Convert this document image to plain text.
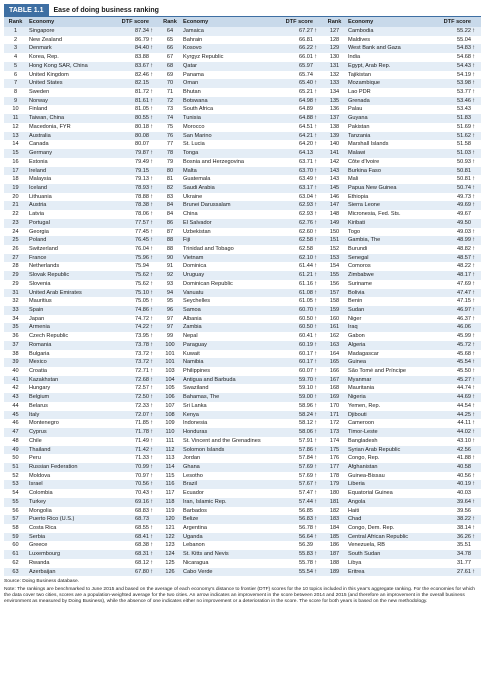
TABLE 1.1	Ease of doing business ranking
Rank	Economy	DTF score		Rank	Economy	DTF score		Rank	Economy	DTF score	
1	Singapore	87.34	↑	64	Jamaica	67.27	↑	127	Cambodia	55.22	↑
2	New Zealand	86.79	↑	65	Bahrain	66.81		128	Maldives	55.04	
3	Denmark	84.40	↑	66	Kosovo	66.22	↑	129	West Bank and Gaza	54.83	↑
4	Korea, Rep.	83.88		67	Kyrgyz Republic	66.01	↑	130	India	54.68	↑
5	Hong Kong SAR, China	83.67	↑	68	Qatar	65.97		131	Egypt, Arab Rep.	54.43	↑
6	United Kingdom	82.46	↑	69	Panama	65.74		132	Tajikistan	54.19	↑
7	United States	82.15		70	Oman	65.40	↑	133	Mozambique	53.98	↑
8	Sweden	81.72	↑	71	Bhutan	65.21	↑	134	Lao PDR	53.77	↑
9	Norway	81.61	↑	72	Botswana	64.98	↑	135	Grenada	53.46	↑
10	Finland	81.05	↑	73	South Africa	64.89		136	Palau	53.43	
11	Taiwan, China	80.55	↑	74	Tunisia	64.88	↑	137	Guyana	51.83	
12	Macedonia, FYR	80.18	↑	75	Morocco	64.51	↑	138	Pakistan	51.69	↑
13	Australia	80.08		76	San Marino	64.21	↑	139	Tanzania	51.62	↑
14	Canada	80.07		77	St. Lucia	64.20	↑	140	Marshall Islands	51.58	
15	Germany	79.87	↑	78	Tonga	64.13		141	Malawi	51.03	↑
16	Estonia	79.49	↑	79	Bosnia and Herzegovina	63.71	↑	142	Côte d'Ivoire	50.93	↑
17	Ireland	79.15		80	Malta	63.70	↑	143	Burkina Faso	50.81	
18	Malaysia	79.13	↑	81	Guatemala	63.49	↑	143	Mali	50.81	↑
19	Iceland	78.93	↑	82	Saudi Arabia	63.17	↑	145	Papua New Guinea	50.74	↑
20	Lithuania	78.88	↑	83	Ukraine	63.04	↑	146	Ethiopia	49.73	↑
21	Austria	78.38	↑	84	Brunei Darussalam	62.93	↑	147	Sierra Leone	49.69	↑
22	Latvia	78.06	↑	84	China	62.93	↑	148	Micronesia, Fed. Sts.	49.67	
23	Portugal	77.57	↑	86	El Salvador	62.76	↑	149	Kiribati	49.50	
24	Georgia	77.45	↑	87	Uzbekistan	62.60	↑	150	Togo	49.03	↑
25	Poland	76.45	↑	88	Fiji	62.58	↑	151	Gambia, The	48.99	↑
26	Switzerland	76.04	↑	88	Trinidad and Tobago	62.58		152	Burundi	48.82	↑
27	France	75.96	↑	90	Vietnam	62.10	↑	153	Senegal	48.57	↑
28	Netherlands	75.94		91	Dominica	61.44	↑	154	Comoros	48.22	↑
29	Slovak Republic	75.62	↑	92	Uruguay	61.21	↑	155	Zimbabwe	48.17	↑
29	Slovenia	75.62	↑	93	Dominican Republic	61.16	↑	156	Suriname	47.69	↑
31	United Arab Emirates	75.10	↑	94	Vanuatu	61.08	↑	157	Bolivia	47.47	↑
32	Mauritius	75.05	↑	95	Seychelles	61.05	↑	158	Benin	47.15	↑
33	Spain	74.86	↑	96	Samoa	60.70	↑	159	Sudan	46.97	↑
34	Japan	74.72	↑	97	Albania	60.50	↑	160	Niger	46.37	↑
35	Armenia	74.22	↑	97	Zambia	60.50	↑	161	Iraq	46.06	
36	Czech Republic	73.95	↑	99	Nepal	60.41	↑	162	Gabon	45.99	↑
37	Romania	73.78	↑	100	Paraguay	60.19	↑	163	Algeria	45.72	↑
38	Bulgaria	73.72	↑	101	Kuwait	60.17	↑	164	Madagascar	45.68	↑
39	Mexico	73.72	↑	101	Namibia	60.17	↑	165	Guinea	45.54	↑
40	Croatia	72.71	↑	103	Philippines	60.07	↑	166	São Tomé and Príncipe	45.50	↑
41	Kazakhstan	72.68	↑	104	Antigua and Barbuda	59.70	↑	167	Myanmar	45.27	↑
42	Hungary	72.57	↑	105	Swaziland	59.10	↑	168	Mauritania	44.74	↑
43	Belgium	72.50	↑	106	Bahamas, The	59.00	↑	169	Nigeria	44.69	↑
44	Belarus	72.33	↑	107	Sri Lanka	58.96	↑	170	Yemen, Rep.	44.54	↑
45	Italy	72.07	↑	108	Kenya	58.24	↑	171	Djibouti	44.25	↑
46	Montenegro	71.85	↑	109	Indonesia	58.12	↑	172	Cameroon	44.11	↑
47	Cyprus	71.78	↑	110	Honduras	58.06	↑	173	Timor-Leste	44.02	↑
48	Chile	71.49	↑	111	St. Vincent and the Grenadines	57.91	↑	174	Bangladesh	43.10	↑
49	Thailand	71.42	↑	112	Solomon Islands	57.86	↑	175	Syrian Arab Republic	42.56	
50	Peru	71.33	↑	113	Jordan	57.84	↑	176	Congo, Rep.	41.88	↑
51	Russian Federation	70.99	↑	114	Ghana	57.69	↑	177	Afghanistan	40.58	
52	Moldova	70.97	↑	115	Lesotho	57.69	↑	178	Guinea-Bissau	40.56	↑
53	Israel	70.56	↑	116	Brazil	57.67	↑	179	Liberia	40.19	↑
54	Colombia	70.43	↑	117	Ecuador	57.47	↑	180	Equatorial Guinea	40.03	
55	Turkey	69.16	↑	118	Iran, Islamic Rep.	57.44	↑	181	Angola	39.64	↑
56	Mongolia	68.83	↑	119	Barbados	56.85		182	Haiti	39.56	
57	Puerto Rico (U.S.)	68.73		120	Belize	56.83	↑	183	Chad	38.22	↑
58	Costa Rica	68.55	↑	121	Argentina	56.78	↑	184	Congo, Dem. Rep.	38.14	↑
59	Serbia	68.41	↑	122	Uganda	56.64	↑	185	Central African Republic	36.26	↑
60	Greece	68.38	↑	123	Lebanon	56.39		186	Venezuela, RB	35.51	
61	Luxembourg	68.31	↑	124	St. Kitts and Nevis	55.83	↑	187	South Sudan	34.78	
62	Rwanda	68.12	↑	125	Nicaragua	55.78	↑	188	Libya	31.77	
63	Azerbaijan	67.80	↑	126	Cabo Verde	55.54	↑	189	Eritrea	27.61	↑

Source: Doing Business database.

Note: The rankings are benchmarked to June 2015 and based on the average of each economy's distance to frontier (DTF) scores for the 10 topics included in this year's aggregate ranking. For the economies for which the data cover two cities, scores are a population-weighted average for the two cities. An arrow indicates an improvement in the score between 2014 and 2015 (and therefore an improvement in the overall business environment as measured by Doing Business), while the absence of one indicates either no improvement or a deterioration in the score. The score for both years is based on the new methodology.
